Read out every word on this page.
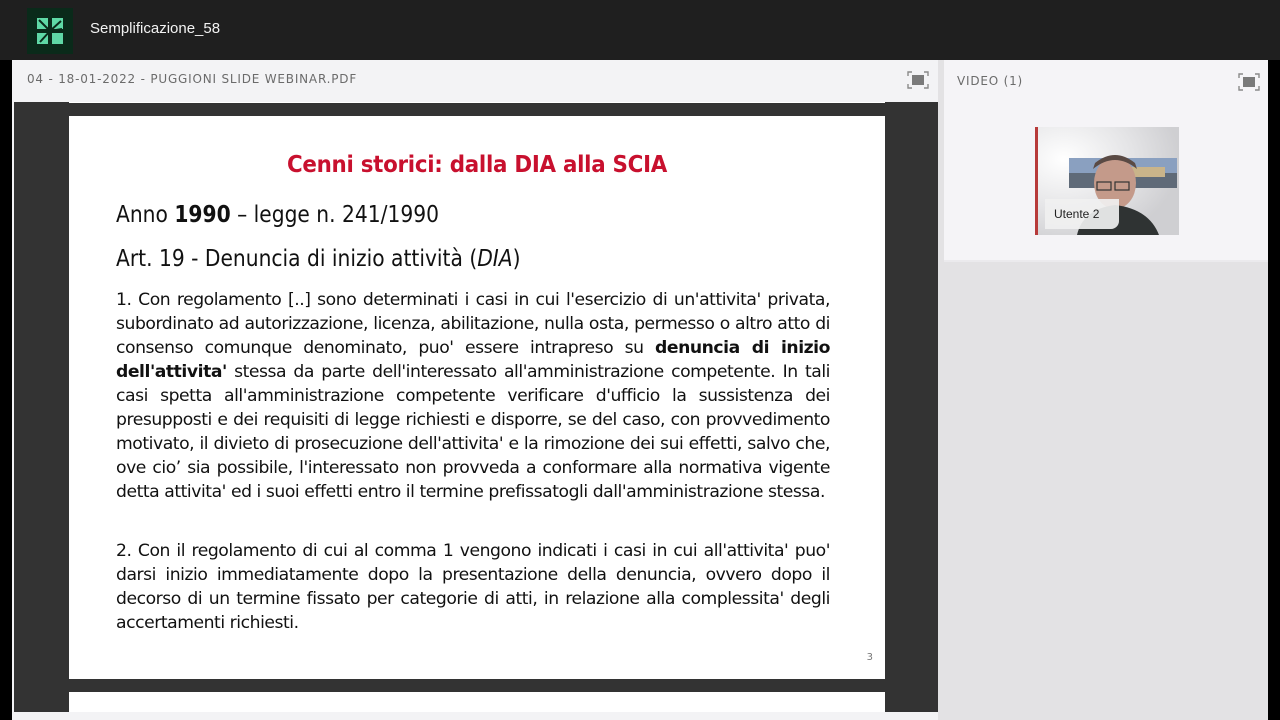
Semplificazione_58
04 - 18-01-2022 - PUGGIONI SLIDE WEBINAR.PDF
Cenni storici: dalla DIA alla SCIA
Anno 1990 – legge n. 241/1990
Art. 19 - Denuncia di inizio attività (DIA)
1. Con regolamento [..] sono determinati i casi in cui l'esercizio di un'attivita' privata, subordinato ad autorizzazione, licenza, abilitazione, nulla osta, permesso o altro atto di consenso comunque denominato, puo' essere intrapreso su denuncia di inizio dell'attivita' stessa da parte dell'interessato all'amministrazione competente. In tali casi spetta all'amministrazione competente verificare d'ufficio la sussistenza dei presupposti e dei requisiti di legge richiesti e disporre, se del caso, con provvedimento motivato, il divieto di prosecuzione dell'attivita' e la rimozione dei sui effetti, salvo che, ove cio’ sia possibile, l'interessato non provveda a conformare alla normativa vigente detta attivita' ed i suoi effetti entro il termine prefissatogli dall'amministrazione stessa.
2. Con il regolamento di cui al comma 1 vengono indicati i casi in cui all'attivita' puo' darsi inizio immediatamente dopo la presentazione della denuncia, ovvero dopo il decorso di un termine fissato per categorie di atti, in relazione alla complessita' degli accertamenti richiesti.
3
VIDEO (1)
Utente 2
